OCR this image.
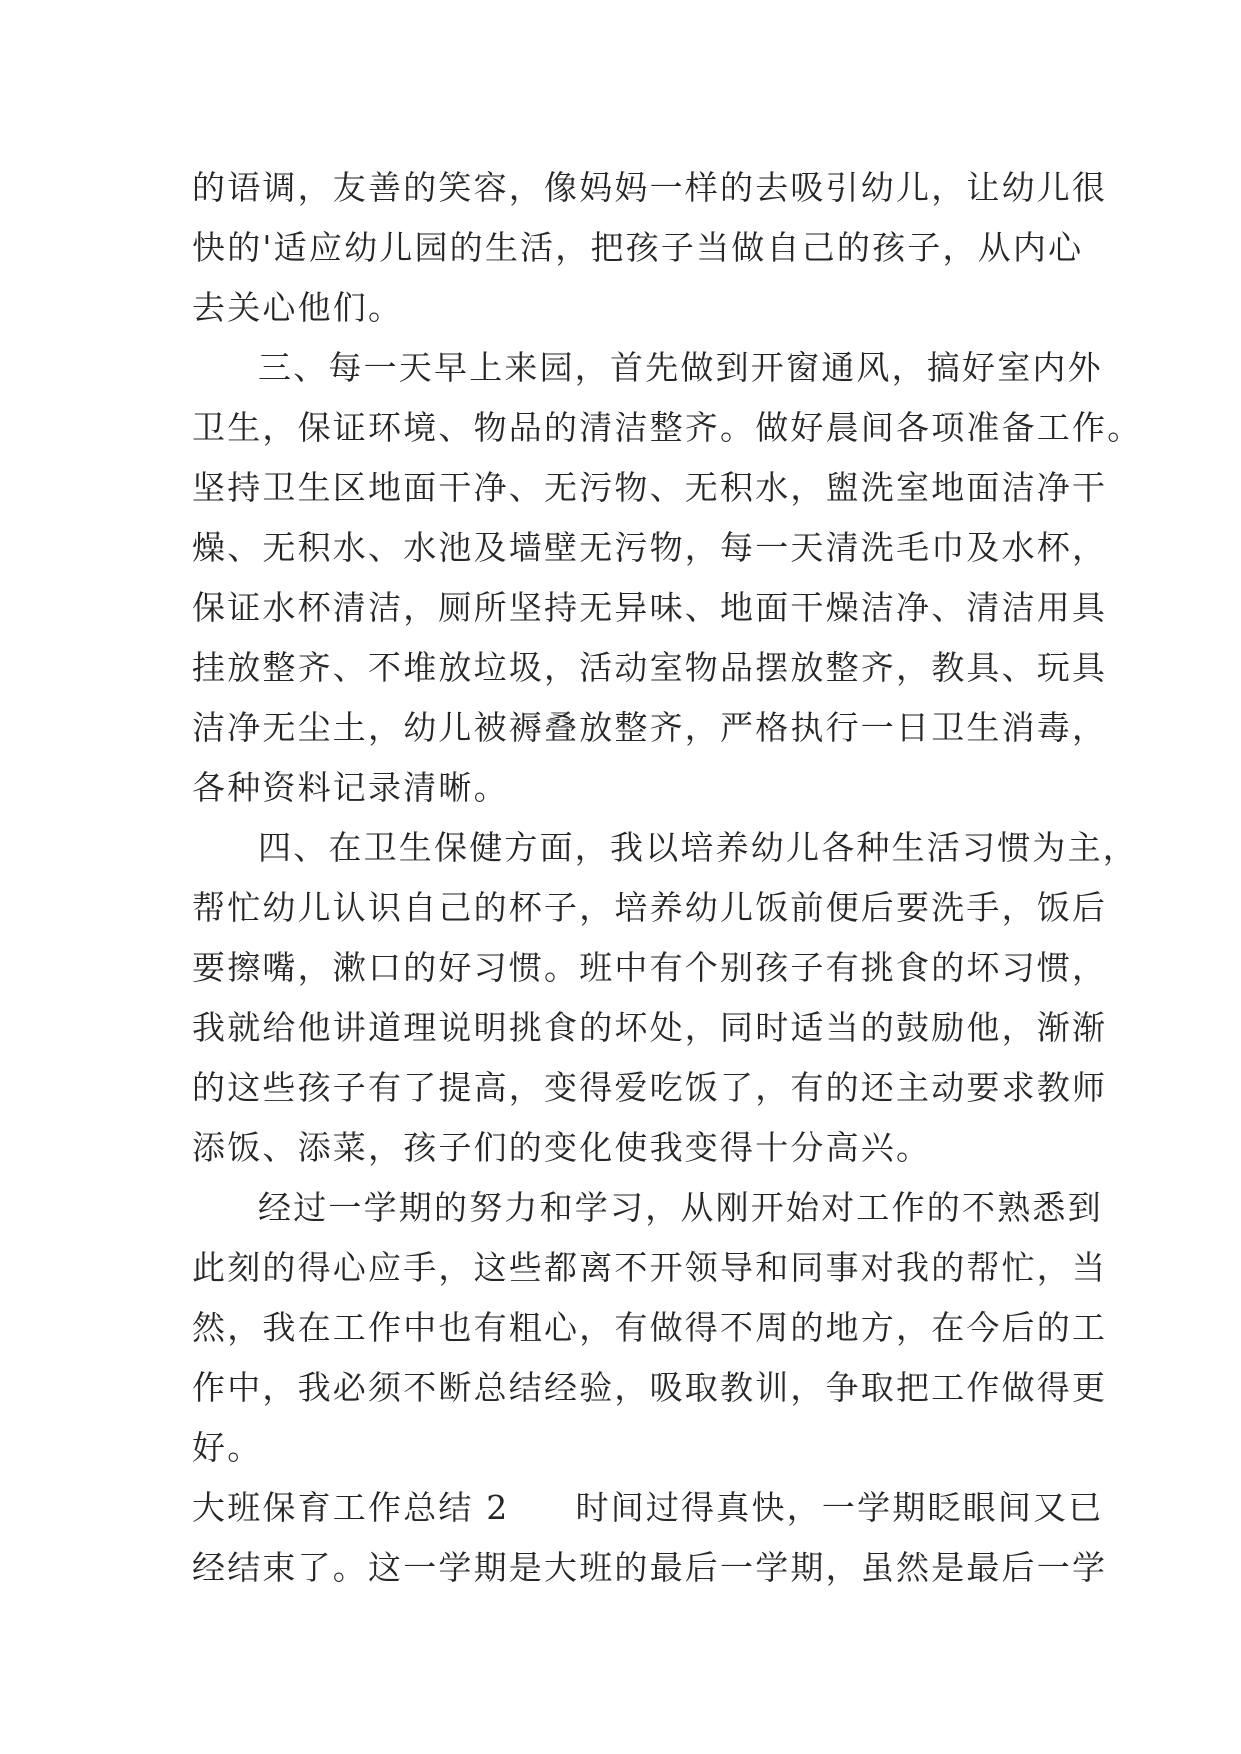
的语调，友善的笑容，像妈妈一样的去吸引幼儿，让幼儿很
快的'适应幼儿园的生活，把孩子当做自己的孩子，从内心
去关心他们。
三、每一天早上来园，首先做到开窗通风，搞好室内外
卫生，保证环境、物品的清洁整齐。做好晨间各项准备工作。
坚持卫生区地面干净、无污物、无积水，盥洗室地面洁净干
燥、无积水、水池及墙壁无污物，每一天清洗毛巾及水杯，
保证水杯清洁，厕所坚持无异味、地面干燥洁净、清洁用具
挂放整齐、不堆放垃圾，活动室物品摆放整齐，教具、玩具
洁净无尘土，幼儿被褥叠放整齐，严格执行一日卫生消毒，
各种资料记录清晰。
四、在卫生保健方面，我以培养幼儿各种生活习惯为主，
帮忙幼儿认识自己的杯子，培养幼儿饭前便后要洗手，饭后
要擦嘴，漱口的好习惯。班中有个别孩子有挑食的坏习惯，
我就给他讲道理说明挑食的坏处，同时适当的鼓励他，渐渐
的这些孩子有了提高，变得爱吃饭了，有的还主动要求教师
添饭、添菜，孩子们的变化使我变得十分高兴。
经过一学期的努力和学习，从刚开始对工作的不熟悉到
此刻的得心应手，这些都离不开领导和同事对我的帮忙，当
然，我在工作中也有粗心，有做得不周的地方，在今后的工
作中，我必须不断总结经验，吸取教训，争取把工作做得更
好。
大班保育工作总结 2 时间过得真快，一学期眨眼间又已
经结束了。这一学期是大班的最后一学期，虽然是最后一学
